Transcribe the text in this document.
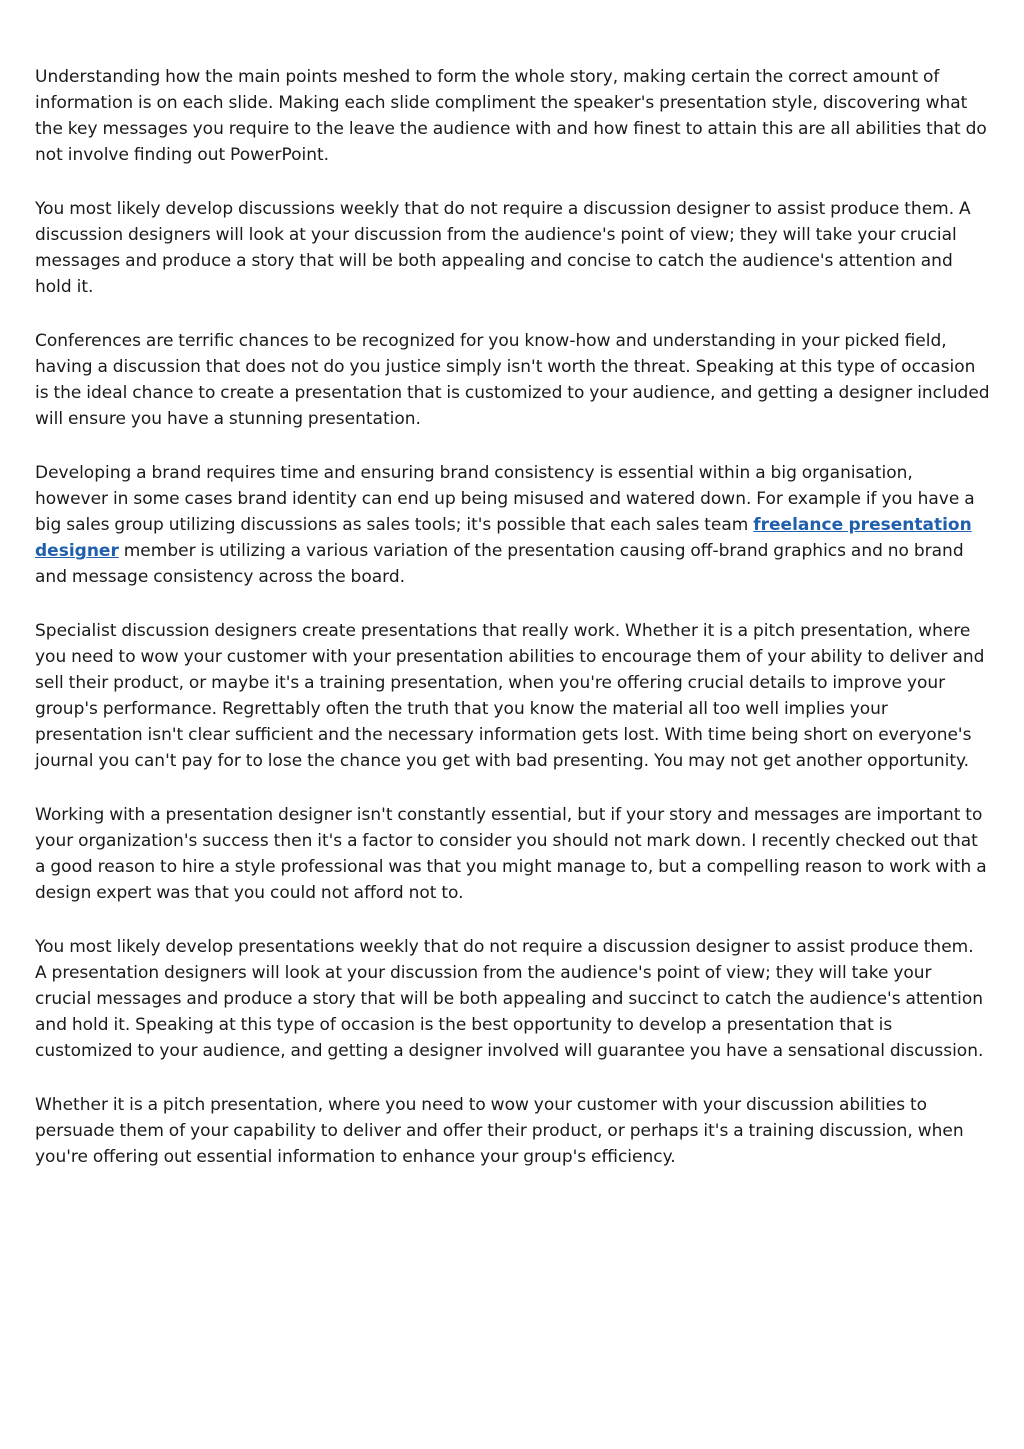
Understanding how the main points meshed to form the whole story, making certain the correct amount of information is on each slide. Making each slide compliment the speaker's presentation style, discovering what the key messages you require to the leave the audience with and how finest to attain this are all abilities that do not involve finding out PowerPoint.

You most likely develop discussions weekly that do not require a discussion designer to assist produce them. A discussion designers will look at your discussion from the audience's point of view; they will take your crucial messages and produce a story that will be both appealing and concise to catch the audience's attention and hold it.

Conferences are terrific chances to be recognized for you know-how and understanding in your picked field, having a discussion that does not do you justice simply isn't worth the threat. Speaking at this type of occasion is the ideal chance to create a presentation that is customized to your audience, and getting a designer included will ensure you have a stunning presentation.

Developing a brand requires time and ensuring brand consistency is essential within a big organisation, however in some cases brand identity can end up being misused and watered down. For example if you have a big sales group utilizing discussions as sales tools; it's possible that each sales team freelance presentation designer member is utilizing a various variation of the presentation causing off-brand graphics and no brand and message consistency across the board.

Specialist discussion designers create presentations that really work. Whether it is a pitch presentation, where you need to wow your customer with your presentation abilities to encourage them of your ability to deliver and sell their product, or maybe it's a training presentation, when you're offering crucial details to improve your group's performance. Regrettably often the truth that you know the material all too well implies your presentation isn't clear sufficient and the necessary information gets lost. With time being short on everyone's journal you can't pay for to lose the chance you get with bad presenting. You may not get another opportunity.

Working with a presentation designer isn't constantly essential, but if your story and messages are important to your organization's success then it's a factor to consider you should not mark down. I recently checked out that a good reason to hire a style professional was that you might manage to, but a compelling reason to work with a design expert was that you could not afford not to.

You most likely develop presentations weekly that do not require a discussion designer to assist produce them. A presentation designers will look at your discussion from the audience's point of view; they will take your crucial messages and produce a story that will be both appealing and succinct to catch the audience's attention and hold it. Speaking at this type of occasion is the best opportunity to develop a presentation that is customized to your audience, and getting a designer involved will guarantee you have a sensational discussion.

Whether it is a pitch presentation, where you need to wow your customer with your discussion abilities to persuade them of your capability to deliver and offer their product, or perhaps it's a training discussion, when you're offering out essential information to enhance your group's efficiency.
